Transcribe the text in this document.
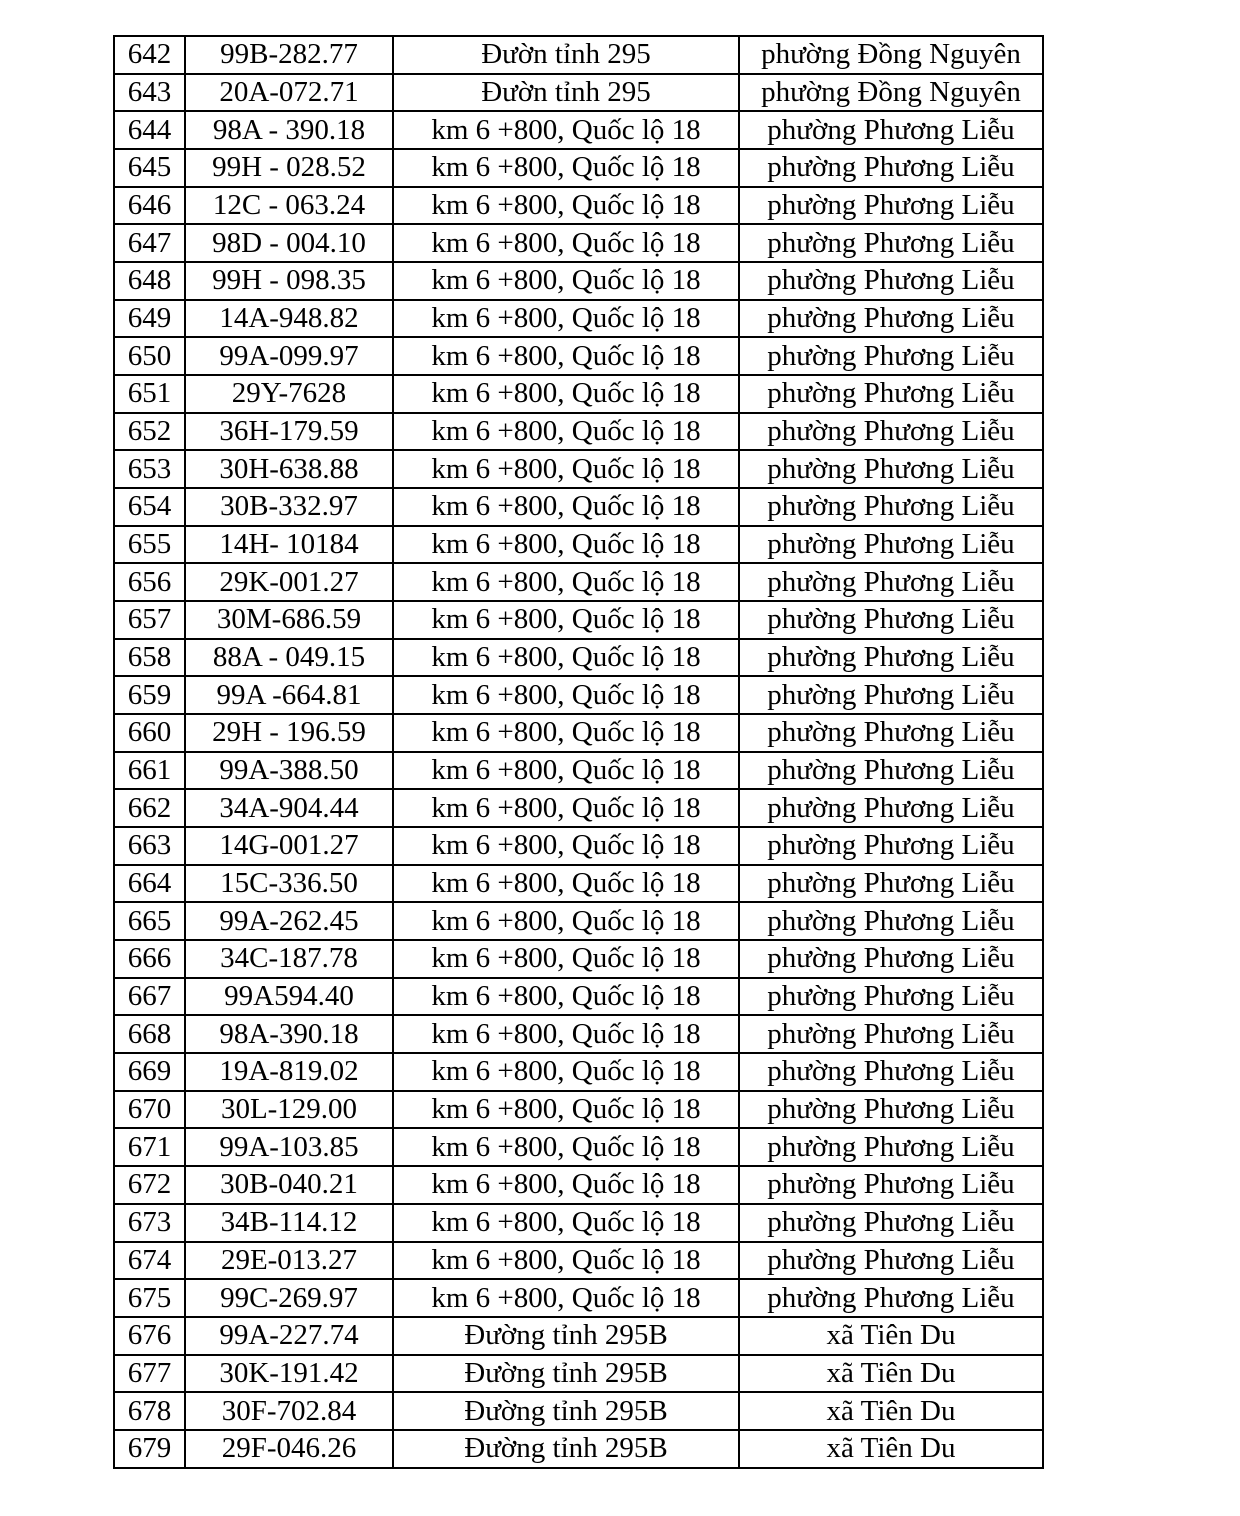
642	99B-282.77	Đườn tỉnh 295	phường Đồng Nguyên
643	20A-072.71	Đườn tỉnh 295	phường Đồng Nguyên
644	98A - 390.18	km 6 +800, Quốc lộ 18	phường Phương Liễu
645	99H - 028.52	km 6 +800, Quốc lộ 18	phường Phương Liễu
646	12C - 063.24	km 6 +800, Quốc lộ 18	phường Phương Liễu
647	98D - 004.10	km 6 +800, Quốc lộ 18	phường Phương Liễu
648	99H - 098.35	km 6 +800, Quốc lộ 18	phường Phương Liễu
649	14A-948.82	km 6 +800, Quốc lộ 18	phường Phương Liễu
650	99A-099.97	km 6 +800, Quốc lộ 18	phường Phương Liễu
651	29Y-7628	km 6 +800, Quốc lộ 18	phường Phương Liễu
652	36H-179.59	km 6 +800, Quốc lộ 18	phường Phương Liễu
653	30H-638.88	km 6 +800, Quốc lộ 18	phường Phương Liễu
654	30B-332.97	km 6 +800, Quốc lộ 18	phường Phương Liễu
655	14H- 10184	km 6 +800, Quốc lộ 18	phường Phương Liễu
656	29K-001.27	km 6 +800, Quốc lộ 18	phường Phương Liễu
657	30M-686.59	km 6 +800, Quốc lộ 18	phường Phương Liễu
658	88A - 049.15	km 6 +800, Quốc lộ 18	phường Phương Liễu
659	99A -664.81	km 6 +800, Quốc lộ 18	phường Phương Liễu
660	29H - 196.59	km 6 +800, Quốc lộ 18	phường Phương Liễu
661	99A-388.50	km 6 +800, Quốc lộ 18	phường Phương Liễu
662	34A-904.44	km 6 +800, Quốc lộ 18	phường Phương Liễu
663	14G-001.27	km 6 +800, Quốc lộ 18	phường Phương Liễu
664	15C-336.50	km 6 +800, Quốc lộ 18	phường Phương Liễu
665	99A-262.45	km 6 +800, Quốc lộ 18	phường Phương Liễu
666	34C-187.78	km 6 +800, Quốc lộ 18	phường Phương Liễu
667	99A594.40	km 6 +800, Quốc lộ 18	phường Phương Liễu
668	98A-390.18	km 6 +800, Quốc lộ 18	phường Phương Liễu
669	19A-819.02	km 6 +800, Quốc lộ 18	phường Phương Liễu
670	30L-129.00	km 6 +800, Quốc lộ 18	phường Phương Liễu
671	99A-103.85	km 6 +800, Quốc lộ 18	phường Phương Liễu
672	30B-040.21	km 6 +800, Quốc lộ 18	phường Phương Liễu
673	34B-114.12	km 6 +800, Quốc lộ 18	phường Phương Liễu
674	29E-013.27	km 6 +800, Quốc lộ 18	phường Phương Liễu
675	99C-269.97	km 6 +800, Quốc lộ 18	phường Phương Liễu
676	99A-227.74	Đường tỉnh 295B	xã Tiên Du
677	30K-191.42	Đường tỉnh 295B	xã Tiên Du
678	30F-702.84	Đường tỉnh 295B	xã Tiên Du
679	29F-046.26	Đường tỉnh 295B	xã Tiên Du
